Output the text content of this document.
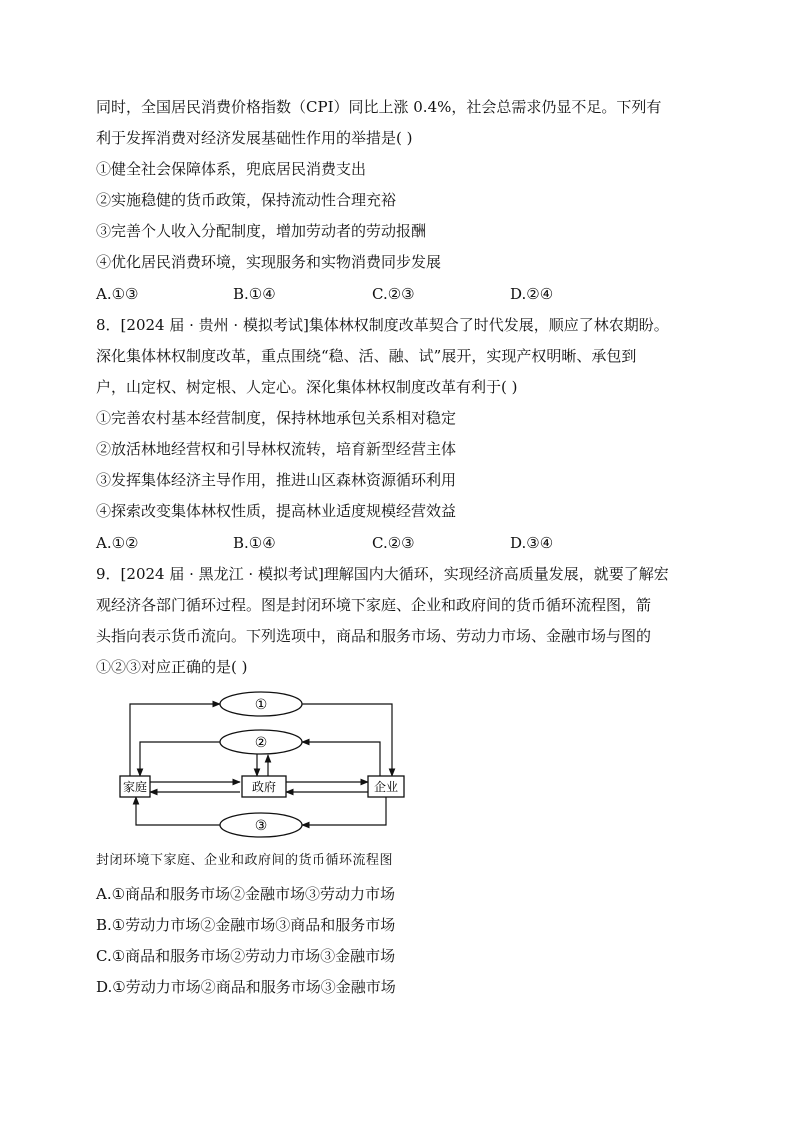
同时，全国居民消费价格指数（CPI）同比上涨 0.4%，社会总需求仍显不足。下列有
利于发挥消费对经济发展基础性作用的举措是( )
①健全社会保障体系，兜底居民消费支出
②实施稳健的货币政策，保持流动性合理充裕
③完善个人收入分配制度，增加劳动者的劳动报酬
④优化居民消费环境，实现服务和实物消费同步发展
A.①③	B.①④	C.②③	D.②④
8．[2024 届 · 贵州 · 模拟考试]集体林权制度改革契合了时代发展，顺应了林农期盼。
深化集体林权制度改革，重点围绕“稳、活、融、试”展开，实现产权明晰、承包到
户，山定权、树定根、人定心。深化集体林权制度改革有利于( )
①完善农村基本经营制度，保持林地承包关系相对稳定
②放活林地经营权和引导林权流转，培育新型经营主体
③发挥集体经济主导作用，推进山区森林资源循环利用
④探索改变集体林权性质，提高林业适度规模经营效益
A.①②	B.①④	C.②③	D.③④
9．[2024 届 · 黑龙江 · 模拟考试]理解国内大循环，实现经济高质量发展，就要了解宏
观经济各部门循环过程。图是封闭环境下家庭、企业和政府间的货币循环流程图，箭
头指向表示货币流向。下列选项中，商品和服务市场、劳动力市场、金融市场与图的
①②③对应正确的是( )
①
②
③
家庭	政府	企业
封闭环境下家庭、企业和政府间的货币循环流程图
A.①商品和服务市场②金融市场③劳动力市场
B.①劳动力市场②金融市场③商品和服务市场
C.①商品和服务市场②劳动力市场③金融市场
D.①劳动力市场②商品和服务市场③金融市场
